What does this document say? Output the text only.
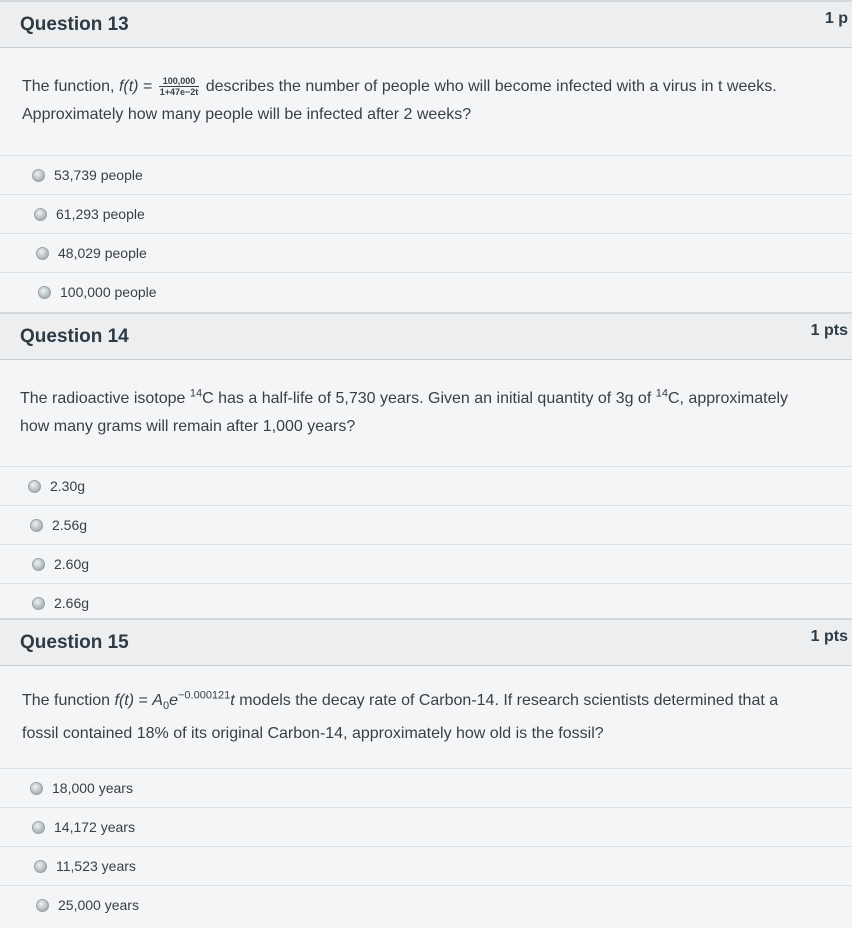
Question 13	1 p
The function, $f(t) = \frac{100,000}{1+47e-2t}$ describes the number of people who will become infected with a virus in t weeks.
Approximately how many people will be infected after 2 weeks?
53,739 people
61,293 people
48,029 people
100,000 people
Question 14	1 pts
The radioactive isotope $^{14}$C has a half-life of 5,730 years. Given an initial quantity of 3g of $^{14}$C, approximately
how many grams will remain after 1,000 years?
2.30g
2.56g
2.60g
2.66g
Question 15	1 pts
The function $f(t) = A_0e^{-0.000121}t$ models the decay rate of Carbon-14. If research scientists determined that a
fossil contained 18% of its original Carbon-14, approximately how old is the fossil?
18,000 years
14,172 years
11,523 years
25,000 years
